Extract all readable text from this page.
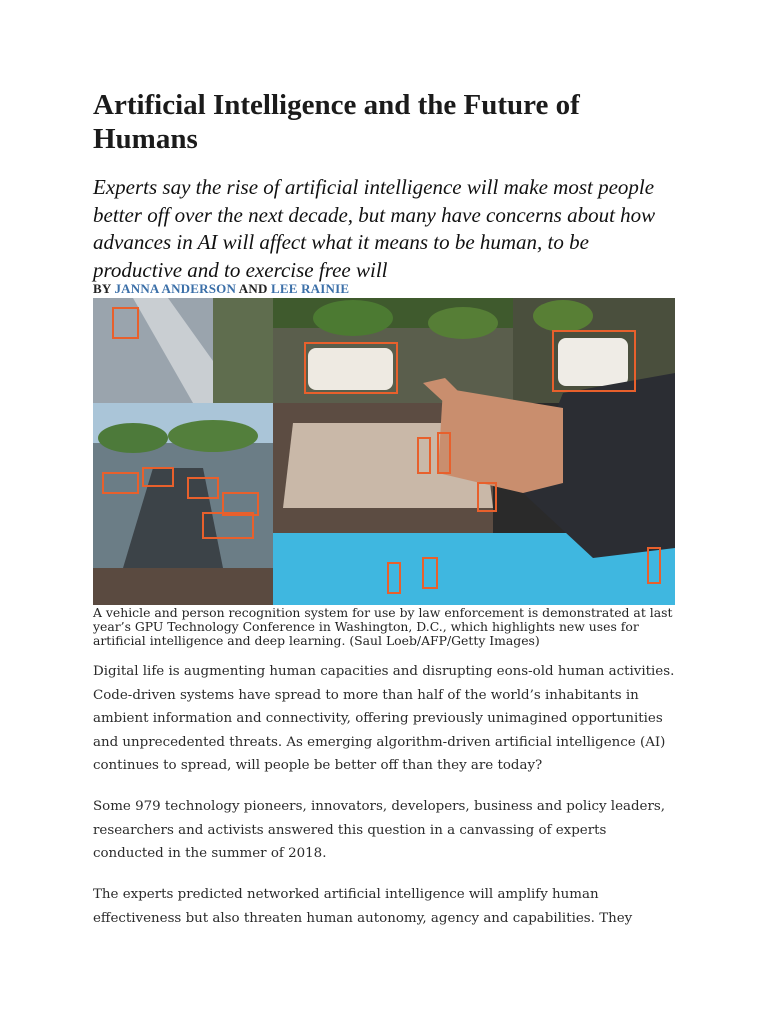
Artificial Intelligence and the Future of Humans

Experts say the rise of artificial intelligence will make most people better off over the next decade, but many have concerns about how advances in AI will affect what it means to be human, to be productive and to exercise free will

BY JANNA ANDERSON AND LEE RAINIE

A vehicle and person recognition system for use by law enforcement is demonstrated at last year’s GPU Technology Conference in Washington, D.C., which highlights new uses for artificial intelligence and deep learning. (Saul Loeb/AFP/Getty Images)

Digital life is augmenting human capacities and disrupting eons-old human activities. Code-driven systems have spread to more than half of the world’s inhabitants in ambient information and connectivity, offering previously unimagined opportunities and unprecedented threats. As emerging algorithm-driven artificial intelligence (AI) continues to spread, will people be better off than they are today?

Some 979 technology pioneers, innovators, developers, business and policy leaders, researchers and activists answered this question in a canvassing of experts conducted in the summer of 2018.

The experts predicted networked artificial intelligence will amplify human effectiveness but also threaten human autonomy, agency and capabilities. They
